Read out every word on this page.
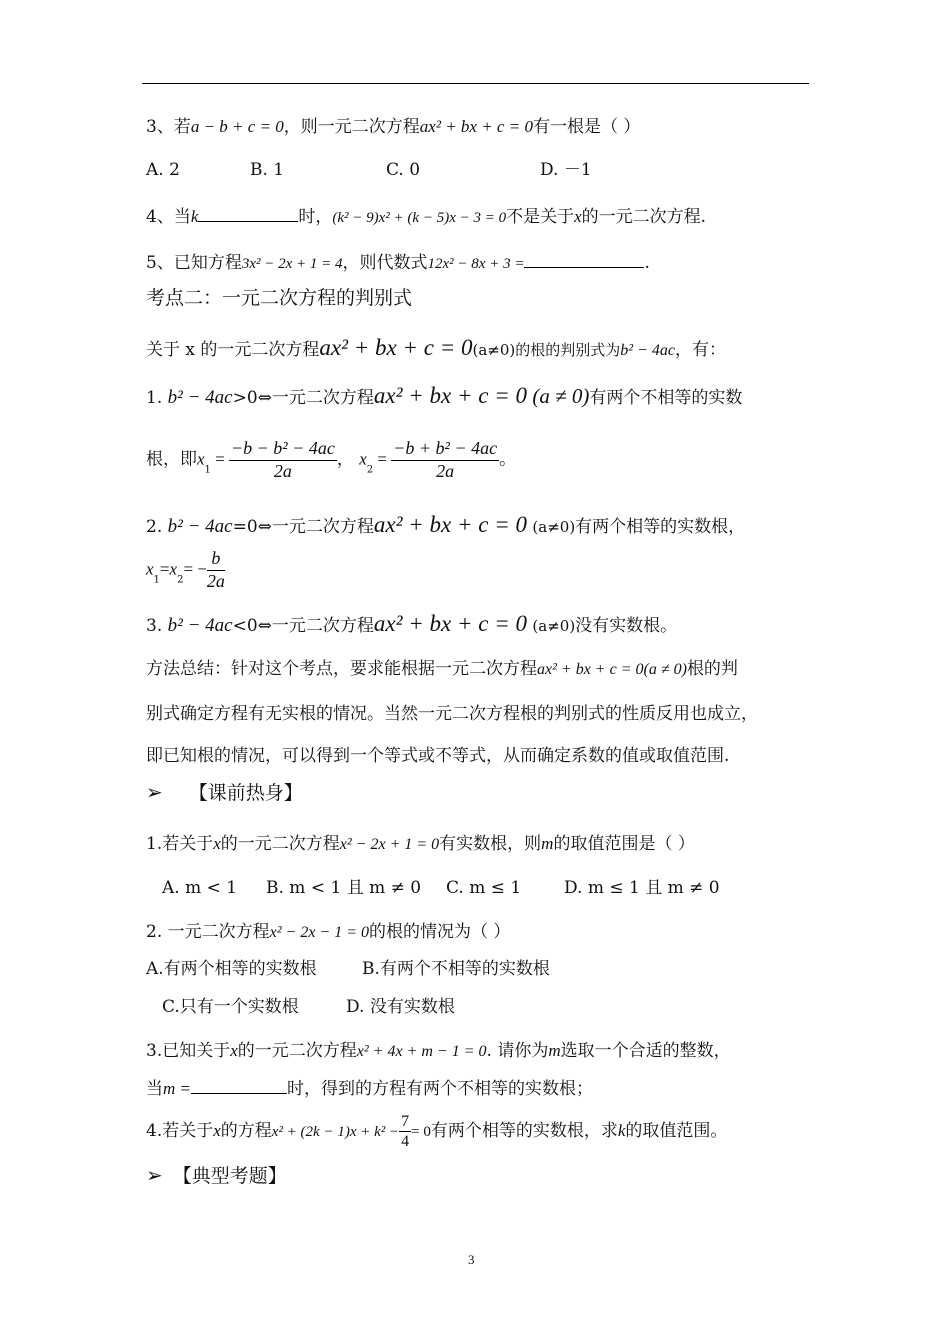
3、若a − b + c = 0，则一元二次方程ax² + bx + c = 0有一根是（ ）
A. 2	B. 1	C. 0	D. －1
4、当k	时，(k² − 9)x² + (k − 5)x − 3 = 0不是关于x的一元二次方程.
5、已知方程3x² − 2x + 1 = 4，则代数式12x² − 8x + 3 =	.
考点二：一元二次方程的判别式
关于 x 的一元二次方程ax² + bx + c = 0(a≠0)的根的判别式为b² − 4ac，有：
1. b² − 4ac>0⇔一元二次方程ax² + bx + c = 0 (a ≠ 0)有两个不相等的实数
根，即$x_1 = \frac{\text{−b − b² − 4ac}}{2a}$ ， $x_2 = \frac{\text{−b + b² − 4ac}}{2a}$ 。
2. b² − 4ac=0⇔一元二次方程ax² + bx + c = 0 (a≠0)有两个相等的实数根，
$x_1=x_2= - \frac{b}{2a}$
3. b² − 4ac<0⇔一元二次方程ax² + bx + c = 0 (a≠0)没有实数根。
方法总结：针对这个考点，要求能根据一元二次方程ax² + bx + c = 0(a ≠ 0)根的判
别式确定方程有无实根的情况。当然一元二次方程根的判别式的性质反用也成立，
即已知根的情况，可以得到一个等式或不等式，从而确定系数的值或取值范围.
➢ 【课前热身】
1.若关于x的一元二次方程x² − 2x + 1 = 0有实数根，则m的取值范围是（ ）
A. m < 1 B. m < 1 且 m ≠ 0 C. m ≤ 1	D. m ≤ 1 且 m ≠ 0
2. 一元二次方程x² − 2x − 1 = 0的根的情况为（ ）
A.有两个相等的实数根	B.有两个不相等的实数根
C.只有一个实数根	D. 没有实数根
3.已知关于x的一元二次方程x² + 4x + m − 1 = 0. 请你为m选取一个合适的整数，
当m =	时，得到的方程有两个不相等的实数根；
4.若关于x的方程$x^2 + (2k - 1)x + k^2 - \frac{7}{4} = 0$有两个相等的实数根，求k的取值范围。
➢ 【典型考题】
3
